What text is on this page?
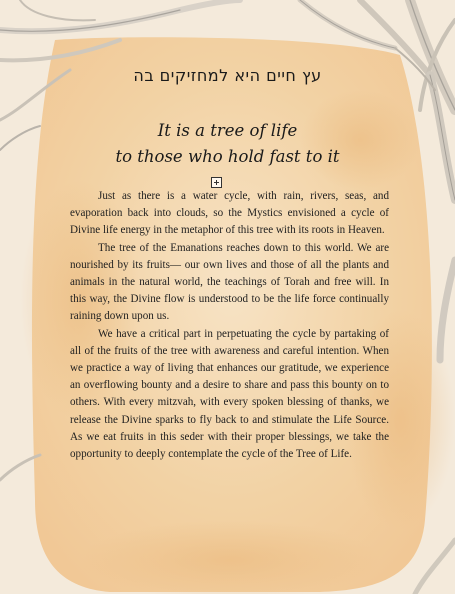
עץ חיים היא למחזיקים בה
It is a tree of life
to those who hold fast to it

Just as there is a water cycle, with rain, rivers, seas, and evaporation back into clouds, so the Mystics envisioned a cycle of Divine life energy in the metaphor of this tree with its roots in Heaven.

The tree of the Emanations reaches down to this world. We are nourished by its fruits— our own lives and those of all the plants and animals in the natural world, the teachings of Torah and free will. In this way, the Divine flow is understood to be the life force continually raining down upon us.

We have a critical part in perpetuating the cycle by partaking of all of the fruits of the tree with awareness and careful intention. When we practice a way of living that enhances our gratitude, we experience an overflowing bounty and a desire to share and pass this bounty on to others. With every mitzvah, with every spoken blessing of thanks, we release the Divine sparks to fly back to and stimulate the Life Source. As we eat fruits in this seder with their proper blessings, we take the opportunity to deeply contemplate the cycle of the Tree of Life.
